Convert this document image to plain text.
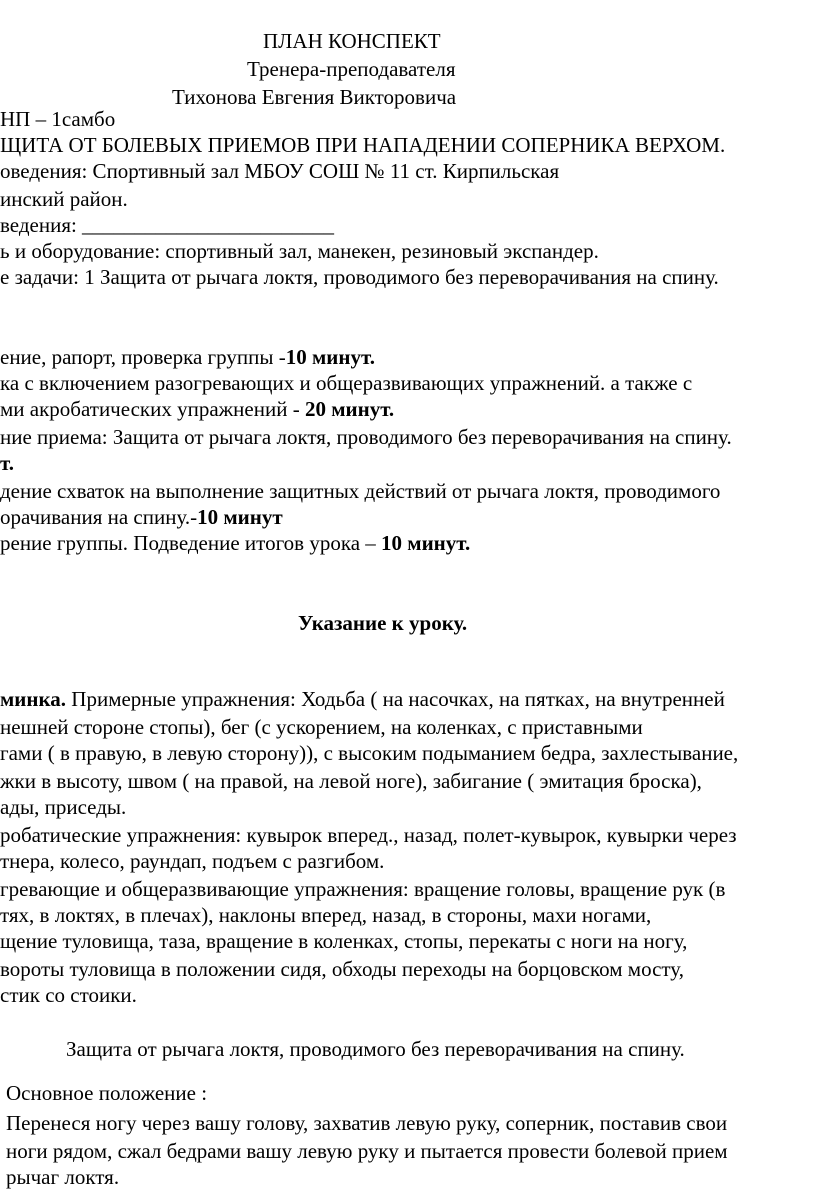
ПЛАН КОНСПЕКТ

Тренера-преподавателя

Тихонова Евгения Викторовича

НП – 1самбо

ЩИТА ОТ БОЛЕВЫХ ПРИЕМОВ ПРИ НАПАДЕНИИ СОПЕРНИКА ВЕРХОМ.

оведения: Спортивный зал МБОУ СОШ № 11 ст. Кирпильская

инский район.

ведения: ________________________

ь и оборудование: спортивный зал, манекен, резиновый экспандер.

е задачи: 1 Защита от рычага локтя, проводимого без переворачивания на спину.

ение, рапорт, проверка группы -10 минут.

ка с включением разогревающих и общеразвивающих упражнений. а также с

ми акробатических упражнений - 20 минут.

ние приема: Защита от рычага локтя, проводимого без переворачивания на спину.

т.

дение схваток на выполнение защитных действий от рычага локтя, проводимого

орачивания на спину.-10 минут

рение группы. Подведение итогов урока – 10 минут.

Указание к уроку.

минка. Примерные упражнения: Ходьба ( на насочках, на пятках, на внутренней

нешней стороне стопы), бег (с ускорением, на коленках, с приставными

гами ( в правую, в левую сторону)), с высоким подыманием бедра, захлестывание,

жки в высоту, швом ( на правой, на левой ноге), забигание ( эмитация броска),

ады, приседы.

робатические упражнения: кувырок вперед., назад, полет-кувырок, кувырки через

тнера, колесо, раундап, подъем с разгибом.

гревающие и общеразвивающие упражнения: вращение головы, вращение рук (в

тях, в локтях, в плечах), наклоны вперед, назад, в стороны, махи ногами,

щение туловища, таза, вращение в коленках, стопы, перекаты с ноги на ногу,

вороты туловища в положении сидя, обходы переходы на борцовском мосту,

стик со стоики.

Защита от рычага локтя, проводимого без переворачивания на спину.

Основное положение :

Перенеся ногу через вашу голову, захватив левую руку, соперник, поставив свои

ноги рядом, сжал бедрами вашу левую руку и пытается провести болевой прием

рычаг локтя.
